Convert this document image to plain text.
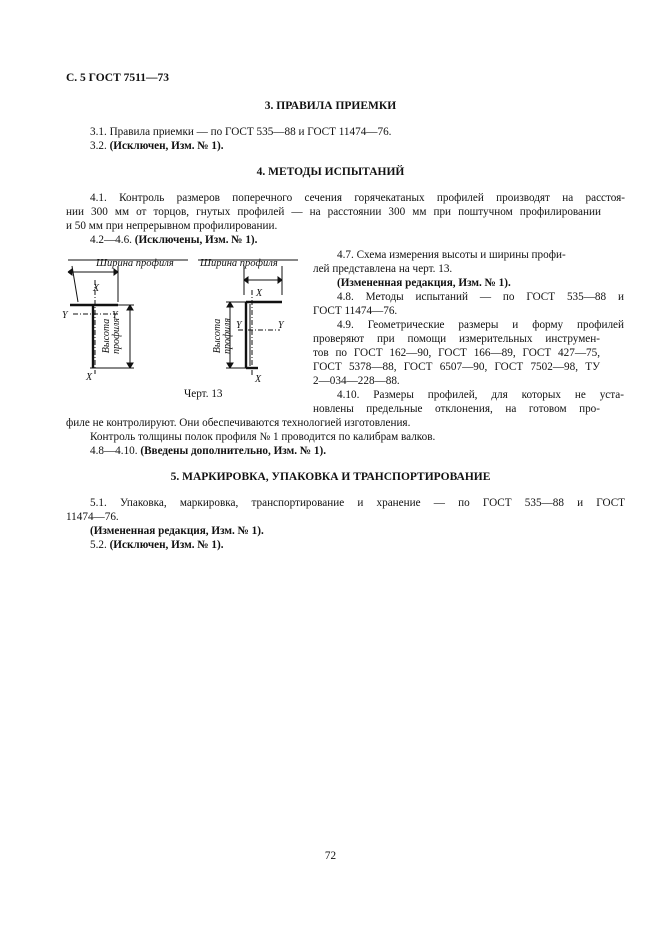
С. 5 ГОСТ 7511—73
3. ПРАВИЛА ПРИЕМКИ
3.1. Правила приемки — по ГОСТ 535—88 и ГОСТ 11474—76.
3.2. (Исключен, Изм. № 1).
4. МЕТОДЫ ИСПЫТАНИЙ
4.1. Контроль размеров поперечного сечения горячекатаных профилей производят на расстоя-
нии 300 мм от торцов, гнутых профилей — на расстоянии 300 мм при поштучном профилировании
и 50 мм при непрерывном профилировании.
4.2—4.6. (Исключены, Изм. № 1).
Ширина профиля	Ширина профиля
X	X
Y	Y
X
Y	Y
X
Высота профиля	Высота профиля
Черт. 13
4.7. Схема измерения высоты и ширины профи-
лей представлена на черт. 13.
(Измененная редакция, Изм. № 1).
4.8. Методы испытаний — по ГОСТ 535—88 и
ГОСТ 11474—76.
4.9. Геометрические размеры и форму профилей
проверяют при помощи измерительных инструмен-
тов по ГОСТ 162—90, ГОСТ 166—89, ГОСТ 427—75,
ГОСТ 5378—88, ГОСТ 6507—90, ГОСТ 7502—98, ТУ
2—034—228—88.
4.10. Размеры профилей, для которых не уста-
новлены предельные отклонения, на готовом про-
филе не контролируют. Они обеспечиваются технологией изготовления.
Контроль толщины полок профиля № 1 проводится по калибрам валков.
4.8—4.10. (Введены дополнительно, Изм. № 1).
5. МАРКИРОВКА, УПАКОВКА И ТРАНСПОРТИРОВАНИЕ
5.1. Упаковка, маркировка, транспортирование и хранение — по ГОСТ 535—88 и ГОСТ
11474—76.
(Измененная редакция, Изм. № 1).
5.2. (Исключен, Изм. № 1).
72
